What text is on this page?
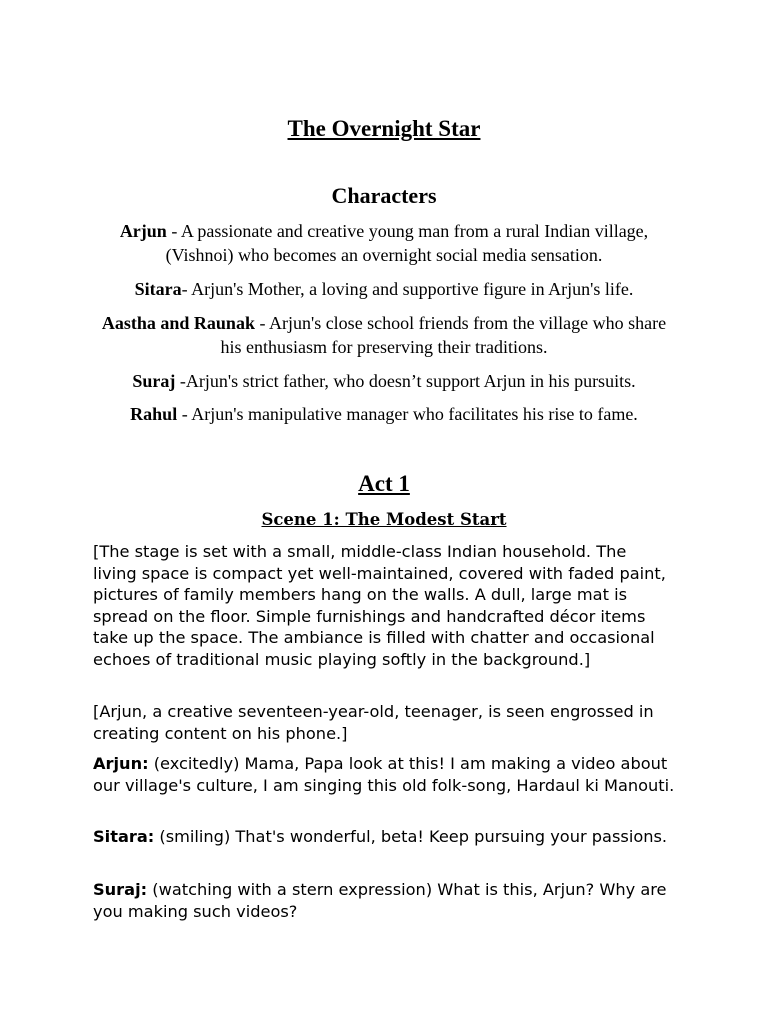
The Overnight Star
Characters

Arjun - A passionate and creative young man from a rural Indian village, (Vishnoi) who becomes an overnight social media sensation.

Sitara- Arjun's Mother, a loving and supportive figure in Arjun's life.

Aastha and Raunak - Arjun's close school friends from the village who share his enthusiasm for preserving their traditions.

Suraj -Arjun's strict father, who doesn’t support Arjun in his pursuits.

Rahul - Arjun's manipulative manager who facilitates his rise to fame.

Act 1
Scene 1: The Modest Start

[The stage is set with a small, middle-class Indian household. The living space is compact yet well-maintained, covered with faded paint, pictures of family members hang on the walls. A dull, large mat is spread on the floor. Simple furnishings and handcrafted décor items take up the space. The ambiance is filled with chatter and occasional echoes of traditional music playing softly in the background.]

[Arjun, a creative seventeen-year-old, teenager, is seen engrossed in creating content on his phone.]

Arjun: (excitedly) Mama, Papa look at this! I am making a video about our village's culture, I am singing this old folk-song, Hardaul ki Manouti.

Sitara: (smiling) That's wonderful, beta! Keep pursuing your passions.

Suraj: (watching with a stern expression) What is this, Arjun? Why are you making such videos?
